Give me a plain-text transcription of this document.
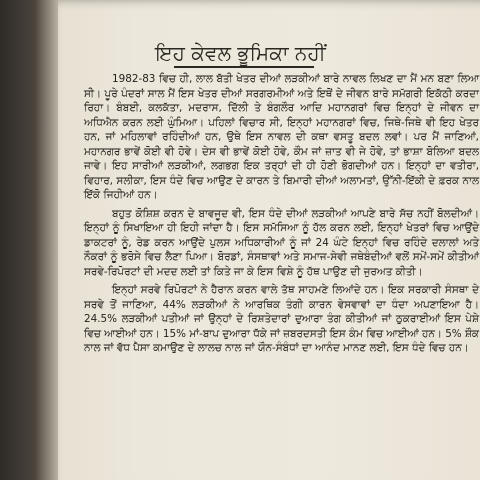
ਇਹ ਕੇਵਲ ਭੂਮਿਕਾ ਨਹੀਂ

1982-83 ਵਿਚ ਹੀ, ਲਾਲ ਬੱਤੀ ਖੇਤਰ ਦੀਆਂ ਲੜਕੀਆਂ ਬਾਰੇ ਨਾਵਲ ਲਿਖਣ ਦਾ ਮੈਂ ਮਨ ਬਣਾ ਲਿਆ ਸੀ। ਪੂਰੇ ਪੰਦਰਾਂ ਸਾਲ ਮੈਂ ਇਸ ਖੇਤਰ ਦੀਆਂ ਸਰਗਰਮੀਆਂ ਅਤੇ ਇਥੋਂ ਦੇ ਜੀਵਨ ਬਾਰੇ ਸਮੱਗਰੀ ਇਕੱਠੀ ਕਰਦਾ ਰਿਹਾ। ਬੰਬਈ, ਕਲਕੱਤਾ, ਮਦਰਾਸ, ਦਿੱਲੀ ਤੇ ਬੰਗਲੌਰ ਆਦਿ ਮਹਾਨਗਰਾਂ ਵਿਚ ਇਨ੍ਹਾਂ ਦੇ ਜੀਵਨ ਦਾ ਅਧਿਐਨ ਕਰਨ ਲਈ ਘੁੰਮਿਆ। ਪਹਿਲਾਂ ਵਿਚਾਰ ਸੀ, ਇਨ੍ਹਾਂ ਮਹਾਨਗਰਾਂ ਵਿਚ, ਜਿਥੇ-ਜਿਥੇ ਵੀ ਇਹ ਖੇਤਰ ਹਨ, ਜਾਂ ਮਹਿਲਾਵਾਂ ਰਹਿੰਦੀਆਂ ਹਨ, ਉਥੇ ਇਸ ਨਾਵਲ ਦੀ ਕਥਾ ਵਸਤੂ ਬਦਲ ਲਵਾਂ। ਪਰ ਮੈਂ ਜਾਣਿਆਂ, ਮਹਾਨਗਰ ਭਾਵੇਂ ਕੋਈ ਵੀ ਹੋਵੇ। ਦੇਸ ਵੀ ਭਾਵੇਂ ਕੋਈ ਹੋਵੇ, ਕੌਮ ਜਾਂ ਜ਼ਾਤ ਵੀ ਜੇ ਹੋਵੇ, ਤਾਂ ਭਾਸ਼ਾ ਬੋਲਿਆ ਬਦਲ ਜਾਵੇ। ਇਹ ਸਾਰੀਆਂ ਲੜਕੀਆਂ, ਲਗਭਗ ਇਕ ਤਰ੍ਹਾਂ ਦੀ ਹੀ ਹੋਣੀ ਭੋਗਦੀਆਂ ਹਨ। ਇਨ੍ਹਾਂ ਦਾ ਵਤੀਰਾ, ਵਿਹਾਰ, ਸਲੀਕਾ, ਇਸ ਧੰਦੇ ਵਿਚ ਆਉਣ ਦੇ ਕਾਰਨ ਤੇ ਬਿਮਾਰੀ ਦੀਆਂ ਅਲਾਮਤਾਂ, ਉੱਨੀ-ਇੱਕੀ ਦੇ ਫ਼ਰਕ ਨਾਲ ਇੱਕੋ ਜਿਹੀਆਂ ਹਨ।

ਬਹੁਤ ਕੋਸ਼ਿਸ਼ ਕਰਨ ਦੇ ਬਾਵਜੂਦ ਵੀ, ਇਸ ਧੰਦੇ ਦੀਆਂ ਲੜਕੀਆਂ ਆਪਣੇ ਬਾਰੇ ਸੱਚ ਨਹੀਂ ਬੋਲਦੀਆਂ। ਇਨ੍ਹਾਂ ਨੂੰ ਸਿਖਾਇਆ ਹੀ ਇਹੀ ਜਾਂਦਾ ਹੈ। ਇਸ ਸਮੱਸਿਆ ਨੂੰ ਹੱਲ ਕਰਨ ਲਈ, ਇਨ੍ਹਾਂ ਖੇਤਰਾਂ ਵਿਚ ਆਉਂਦੇ ਡਾਕਟਰਾਂ ਨੂੰ, ਰੇਡ ਕਰਨ ਆਉਂਦੇ ਪੁਲਸ ਅਧਿਕਾਰੀਆਂ ਨੂੰ ਜਾਂ 24 ਘੰਟੇ ਇਨ੍ਹਾਂ ਵਿਚ ਰਹਿੰਦੇ ਦਲਾਲਾਂ ਅਤੇ ਨੌਕਰਾਂ ਨੂੰ ਭਰੋਸੇ ਵਿਚ ਲੈਣਾ ਪਿਆ। ਬੋਰਡਾਂ, ਸੰਸਥਾਵਾਂ ਅਤੇ ਸਮਾਜ-ਸੇਵੀ ਜਥੇਬੰਦੀਆਂ ਵਲੋਂ ਸਮੇਂ-ਸਮੇਂ ਕੀਤੀਆਂ ਸਰਵੇ-ਰਿਪੋਰਟਾਂ ਦੀ ਮਦਦ ਲਈ ਤਾਂ ਕਿਤੇ ਜਾ ਕੇ ਇਸ ਵਿਸ਼ੇ ਨੂੰ ਹੱਥ ਪਾਉਣ ਦੀ ਜੁਰਅਤ ਕੀਤੀ।

ਇਨ੍ਹਾਂ ਸਰਵੇ ਰਿਪੋਰਟਾਂ ਨੇ ਹੈਰਾਨ ਕਰਨ ਵਾਲੇ ਤੱਥ ਸਾਹਮਣੇ ਲਿਆਂਦੇ ਹਨ। ਇਕ ਸਰਕਾਰੀ ਸੰਸਥਾ ਦੇ ਸਰਵੇ ਤੋਂ ਜਾਣਿਆ, 44% ਲੜਕੀਆਂ ਨੇ ਆਰਥਿਕ ਤੰਗੀ ਕਾਰਨ ਵੇਸਵਾਵਾਂ ਦਾ ਧੰਦਾ ਅਪਣਾਇਆ ਹੈ। 24.5% ਲੜਕੀਆਂ ਪਤੀਆਂ ਜਾਂ ਉਨ੍ਹਾਂ ਦੇ ਰਿਸ਼ਤੇਦਾਰਾਂ ਦੁਆਰਾ ਤੰਗ ਕੀਤੀਆਂ ਜਾਂ ਠੁਕਰਾਈਆਂ ਇਸ ਪੇਸ਼ੇ ਵਿਚ ਆਈਆਂ ਹਨ। 15% ਮਾਂ-ਬਾਪ ਦੁਆਰਾ ਧੱਕੇ ਜਾਂ ਜ਼ਬਰਦਸਤੀ ਇਸ ਕੰਮ ਵਿਚ ਆਈਆਂ ਹਨ। 5% ਸ਼ੌਕ ਨਾਲ ਜਾਂ ਵੱਧ ਪੈਸਾ ਕਮਾਉਣ ਦੇ ਲਾਲਚ ਨਾਲ ਜਾਂ ਯੌਨ-ਸੰਬੰਧਾਂ ਦਾ ਆਨੰਦ ਮਾਨਣ ਲਈ, ਇਸ ਧੰਦੇ ਵਿਚ ਹਨ।
